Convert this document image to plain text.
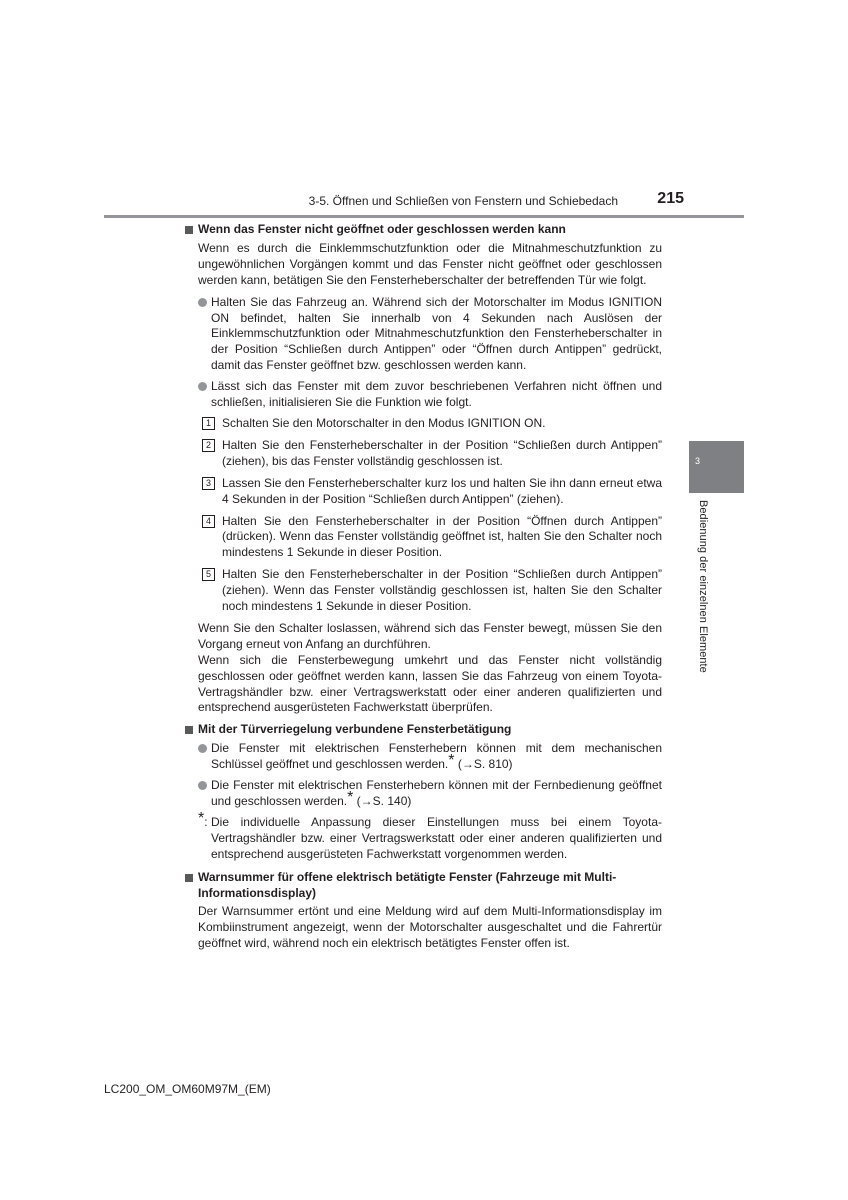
3-5. Öffnen und Schließen von Fenstern und Schiebedach	215
3
Bedienung der einzelnen Elemente
Wenn das Fenster nicht geöffnet oder geschlossen werden kann
Wenn es durch die Einklemmschutzfunktion oder die Mitnahmeschutzfunktion zu ungewöhnlichen Vorgängen kommt und das Fenster nicht geöffnet oder geschlossen werden kann, betätigen Sie den Fensterheberschalter der betreffenden Tür wie folgt.
Halten Sie das Fahrzeug an. Während sich der Motorschalter im Modus IGNITION ON befindet, halten Sie innerhalb von 4 Sekunden nach Auslösen der Einklemmschutzfunktion oder Mitnahmeschutzfunktion den Fensterheberschalter in der Position “Schließen durch Antippen” oder “Öffnen durch Antippen” gedrückt, damit das Fenster geöffnet bzw. geschlossen werden kann.
Lässt sich das Fenster mit dem zuvor beschriebenen Verfahren nicht öffnen und schließen, initialisieren Sie die Funktion wie folgt.
1 Schalten Sie den Motorschalter in den Modus IGNITION ON.
2 Halten Sie den Fensterheberschalter in der Position “Schließen durch Antippen” (ziehen), bis das Fenster vollständig geschlossen ist.
3 Lassen Sie den Fensterheberschalter kurz los und halten Sie ihn dann erneut etwa 4 Sekunden in der Position “Schließen durch Antippen” (ziehen).
4 Halten Sie den Fensterheberschalter in der Position “Öffnen durch Antippen” (drücken). Wenn das Fenster vollständig geöffnet ist, halten Sie den Schalter noch mindestens 1 Sekunde in dieser Position.
5 Halten Sie den Fensterheberschalter in der Position “Schließen durch Antippen” (ziehen). Wenn das Fenster vollständig geschlossen ist, halten Sie den Schalter noch mindestens 1 Sekunde in dieser Position.
Wenn Sie den Schalter loslassen, während sich das Fenster bewegt, müssen Sie den Vorgang erneut von Anfang an durchführen.
Wenn sich die Fensterbewegung umkehrt und das Fenster nicht vollständig geschlossen oder geöffnet werden kann, lassen Sie das Fahrzeug von einem Toyota-Vertragshändler bzw. einer Vertragswerkstatt oder einer anderen qualifizierten und entsprechend ausgerüsteten Fachwerkstatt überprüfen.
Mit der Türverriegelung verbundene Fensterbetätigung
Die Fenster mit elektrischen Fensterhebern können mit dem mechanischen Schlüssel geöffnet und geschlossen werden.* (→S. 810)
Die Fenster mit elektrischen Fensterhebern können mit der Fernbedienung geöffnet und geschlossen werden.* (→S. 140)
*: Die individuelle Anpassung dieser Einstellungen muss bei einem Toyota-Vertragshändler bzw. einer Vertragswerkstatt oder einer anderen qualifizierten und entsprechend ausgerüsteten Fachwerkstatt vorgenommen werden.
Warnsummer für offene elektrisch betätigte Fenster (Fahrzeuge mit Multi-Informationsdisplay)
Der Warnsummer ertönt und eine Meldung wird auf dem Multi-Informationsdisplay im Kombiinstrument angezeigt, wenn der Motorschalter ausgeschaltet und die Fahrertür geöffnet wird, während noch ein elektrisch betätigtes Fenster offen ist.
LC200_OM_OM60M97M_(EM)
